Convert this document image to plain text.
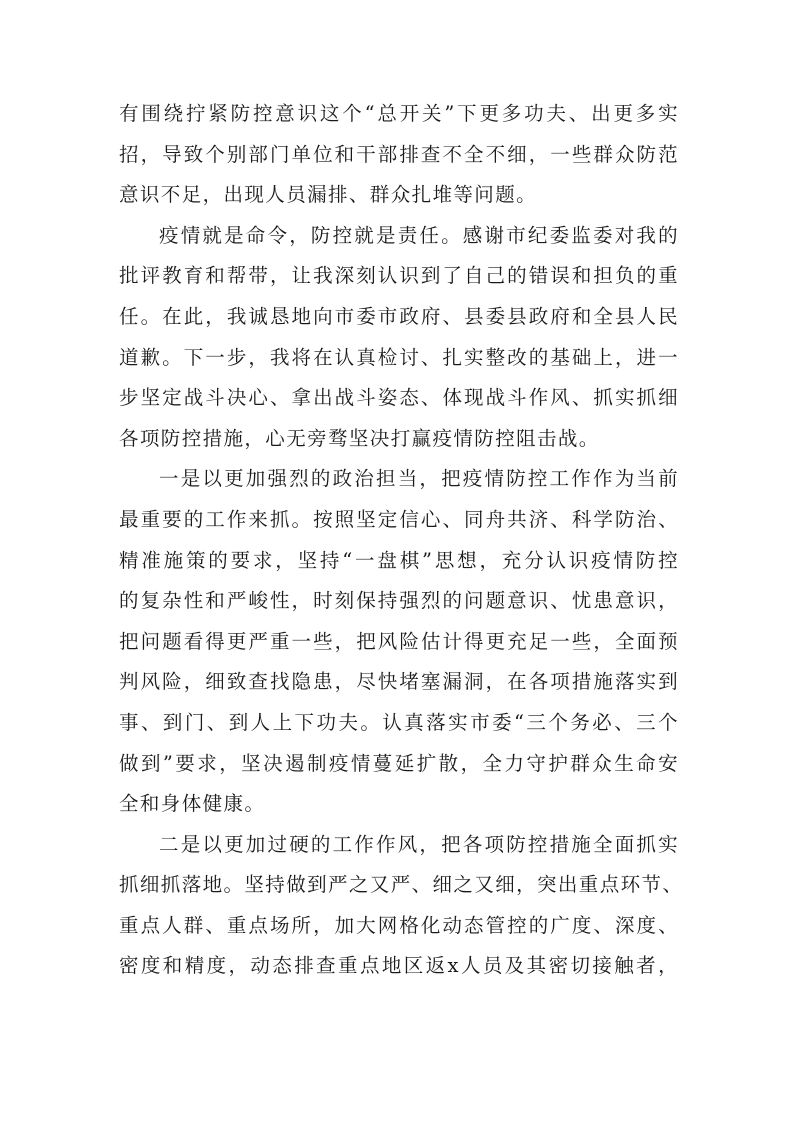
有围绕拧紧防控意识这个“总开关”下更多功夫、出更多实
招，导致个别部门单位和干部排查不全不细，一些群众防范
意识不足，出现人员漏排、群众扎堆等问题。
疫情就是命令，防控就是责任。感谢市纪委监委对我的
批评教育和帮带，让我深刻认识到了自己的错误和担负的重
任。在此，我诚恳地向市委市政府、县委县政府和全县人民
道歉。下一步，我将在认真检讨、扎实整改的基础上，进一
步坚定战斗决心、拿出战斗姿态、体现战斗作风、抓实抓细
各项防控措施，心无旁骛坚决打赢疫情防控阻击战。
一是以更加强烈的政治担当，把疫情防控工作作为当前
最重要的工作来抓。按照坚定信心、同舟共济、科学防治、
精准施策的要求，坚持“一盘棋”思想，充分认识疫情防控
的复杂性和严峻性，时刻保持强烈的问题意识、忧患意识，
把问题看得更严重一些，把风险估计得更充足一些，全面预
判风险，细致查找隐患，尽快堵塞漏洞，在各项措施落实到
事、到门、到人上下功夫。认真落实市委“三个务必、三个
做到”要求，坚决遏制疫情蔓延扩散，全力守护群众生命安
全和身体健康。
二是以更加过硬的工作作风，把各项防控措施全面抓实
抓细抓落地。坚持做到严之又严、细之又细，突出重点环节、
重点人群、重点场所，加大网格化动态管控的广度、深度、
密度和精度，动态排查重点地区返x人员及其密切接触者，
